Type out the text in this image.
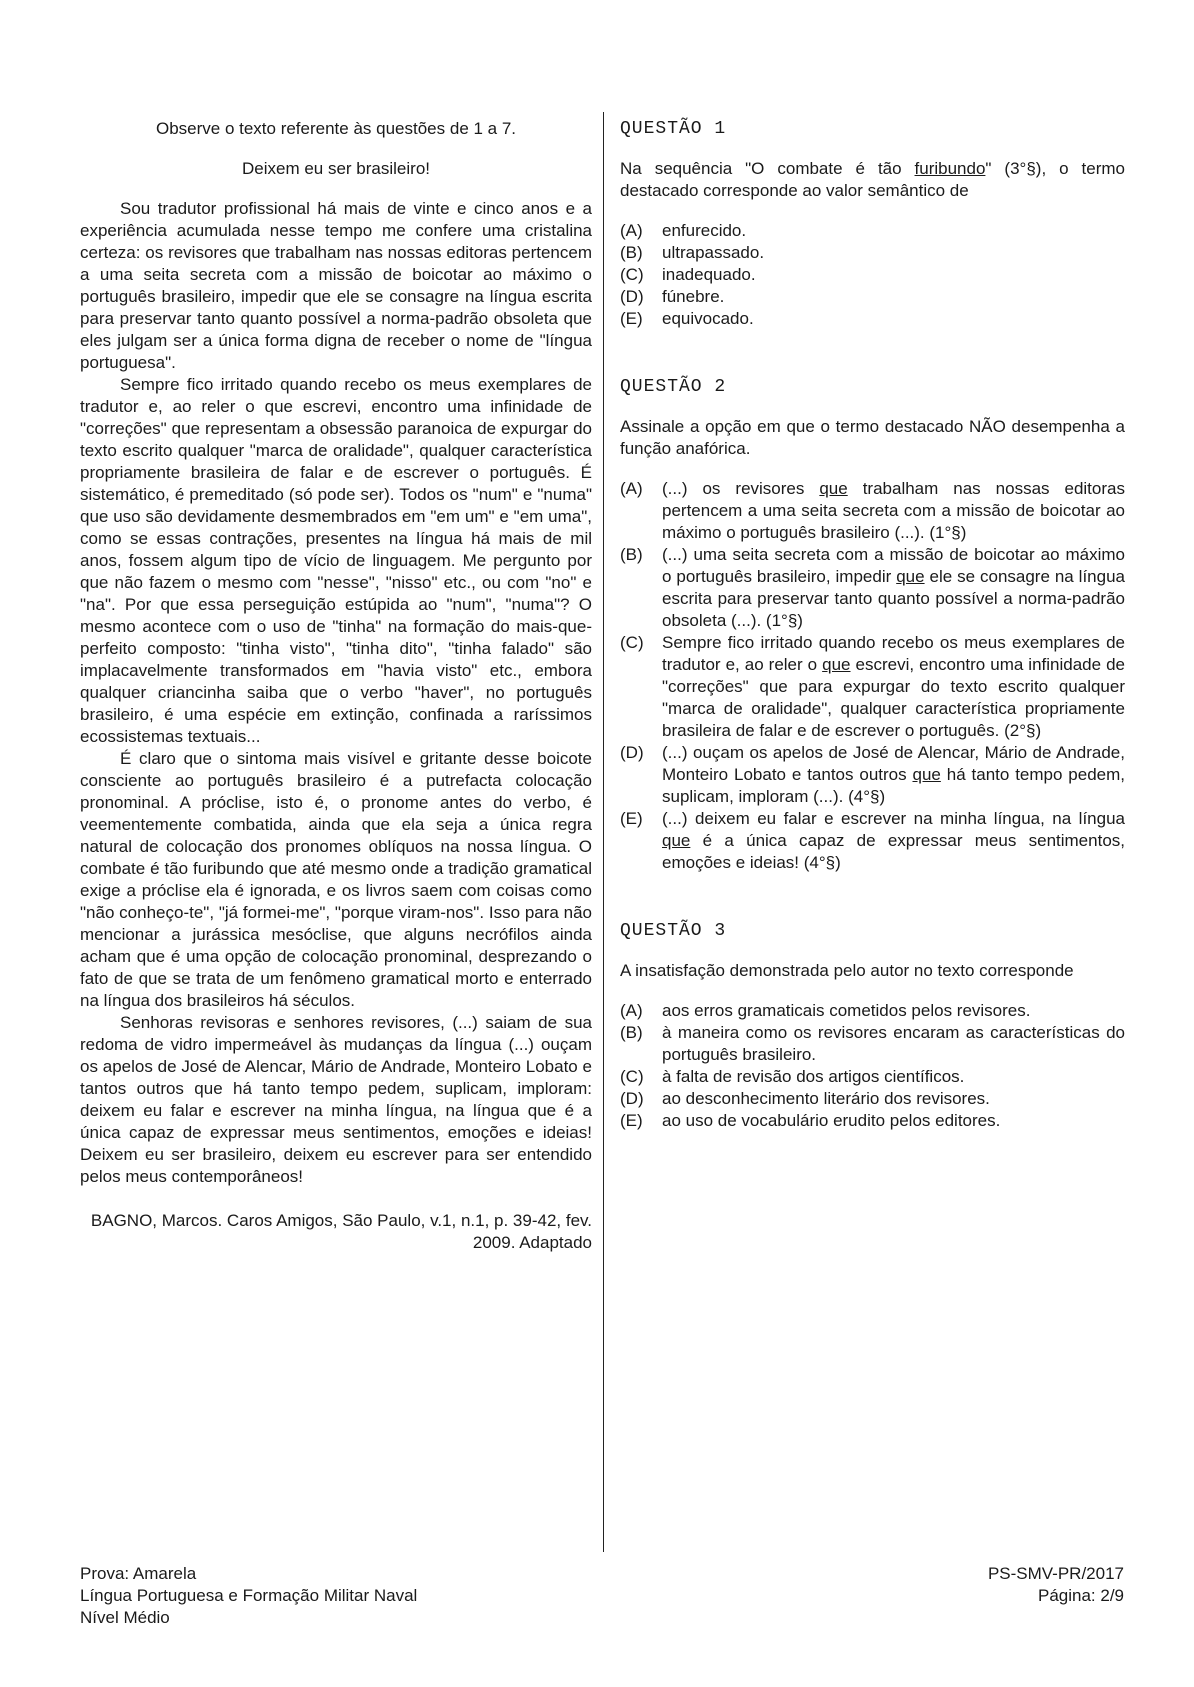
Observe o texto referente às questões de 1 a 7.
Deixem eu ser brasileiro!

Sou tradutor profissional há mais de vinte e cinco anos e a experiência acumulada nesse tempo me confere uma cristalina certeza: os revisores que trabalham nas nossas editoras pertencem a uma seita secreta com a missão de boicotar ao máximo o português brasileiro, impedir que ele se consagre na língua escrita para preservar tanto quanto possível a norma-padrão obsoleta que eles julgam ser a única forma digna de receber o nome de "língua portuguesa".

Sempre fico irritado quando recebo os meus exemplares de tradutor e, ao reler o que escrevi, encontro uma infinidade de "correções" que representam a obsessão paranoica de expurgar do texto escrito qualquer "marca de oralidade", qualquer característica propriamente brasileira de falar e de escrever o português. É sistemático, é premeditado (só pode ser). Todos os "num" e "numa" que uso são devidamente desmembrados em "em um" e "em uma", como se essas contrações, presentes na língua há mais de mil anos, fossem algum tipo de vício de linguagem. Me pergunto por que não fazem o mesmo com "nesse", "nisso" etc., ou com "no" e "na". Por que essa perseguição estúpida ao "num", "numa"? O mesmo acontece com o uso de "tinha" na formação do mais-que-perfeito composto: "tinha visto", "tinha dito", "tinha falado" são implacavelmente transformados em "havia visto" etc., embora qualquer criancinha saiba que o verbo "haver", no português brasileiro, é uma espécie em extinção, confinada a raríssimos ecossistemas textuais...

É claro que o sintoma mais visível e gritante desse boicote consciente ao português brasileiro é a putrefacta colocação pronominal. A próclise, isto é, o pronome antes do verbo, é veementemente combatida, ainda que ela seja a única regra natural de colocação dos pronomes oblíquos na nossa língua. O combate é tão furibundo que até mesmo onde a tradição gramatical exige a próclise ela é ignorada, e os livros saem com coisas como "não conheço-te", "já formei-me", "porque viram-nos". Isso para não mencionar a jurássica mesóclise, que alguns necrófilos ainda acham que é uma opção de colocação pronominal, desprezando o fato de que se trata de um fenômeno gramatical morto e enterrado na língua dos brasileiros há séculos.

Senhoras revisoras e senhores revisores, (...) saiam de sua redoma de vidro impermeável às mudanças da língua (...) ouçam os apelos de José de Alencar, Mário de Andrade, Monteiro Lobato e tantos outros que há tanto tempo pedem, suplicam, imploram: deixem eu falar e escrever na minha língua, na língua que é a única capaz de expressar meus sentimentos, emoções e ideias! Deixem eu ser brasileiro, deixem eu escrever para ser entendido pelos meus contemporâneos!

BAGNO, Marcos. Caros Amigos, São Paulo, v.1, n.1, p. 39-42, fev. 2009. Adaptado
QUESTÃO 1
Na sequência "O combate é tão furibundo" (3°§), o termo destacado corresponde ao valor semântico de
(A)	enfurecido.
(B)	ultrapassado.
(C)	inadequado.
(D)	fúnebre.
(E)	equivocado.
QUESTÃO 2
Assinale a opção em que o termo destacado NÃO desempenha a função anafórica.
(A)	(...) os revisores que trabalham nas nossas editoras pertencem a uma seita secreta com a missão de boicotar ao máximo o português brasileiro (...). (1°§)
(B)	(...) uma seita secreta com a missão de boicotar ao máximo o português brasileiro, impedir que ele se consagre na língua escrita para preservar tanto quanto possível a norma-padrão obsoleta (...). (1°§)
(C)	Sempre fico irritado quando recebo os meus exemplares de tradutor e, ao reler o que escrevi, encontro uma infinidade de "correções" que para expurgar do texto escrito qualquer "marca de oralidade", qualquer característica propriamente brasileira de falar e de escrever o português. (2°§)
(D)	(...) ouçam os apelos de José de Alencar, Mário de Andrade, Monteiro Lobato e tantos outros que há tanto tempo pedem, suplicam, imploram (...). (4°§)
(E)	(...) deixem eu falar e escrever na minha língua, na língua que é a única capaz de expressar meus sentimentos, emoções e ideias! (4°§)
QUESTÃO 3
A insatisfação demonstrada pelo autor no texto corresponde
(A)	aos erros gramaticais cometidos pelos revisores.
(B)	à maneira como os revisores encaram as características do português brasileiro.
(C)	à falta de revisão dos artigos científicos.
(D)	ao desconhecimento literário dos revisores.
(E)	ao uso de vocabulário erudito pelos editores.
Prova: Amarela
Língua Portuguesa e Formação Militar Naval
Nível Médio
PS-SMV-PR/2017
Página: 2/9
